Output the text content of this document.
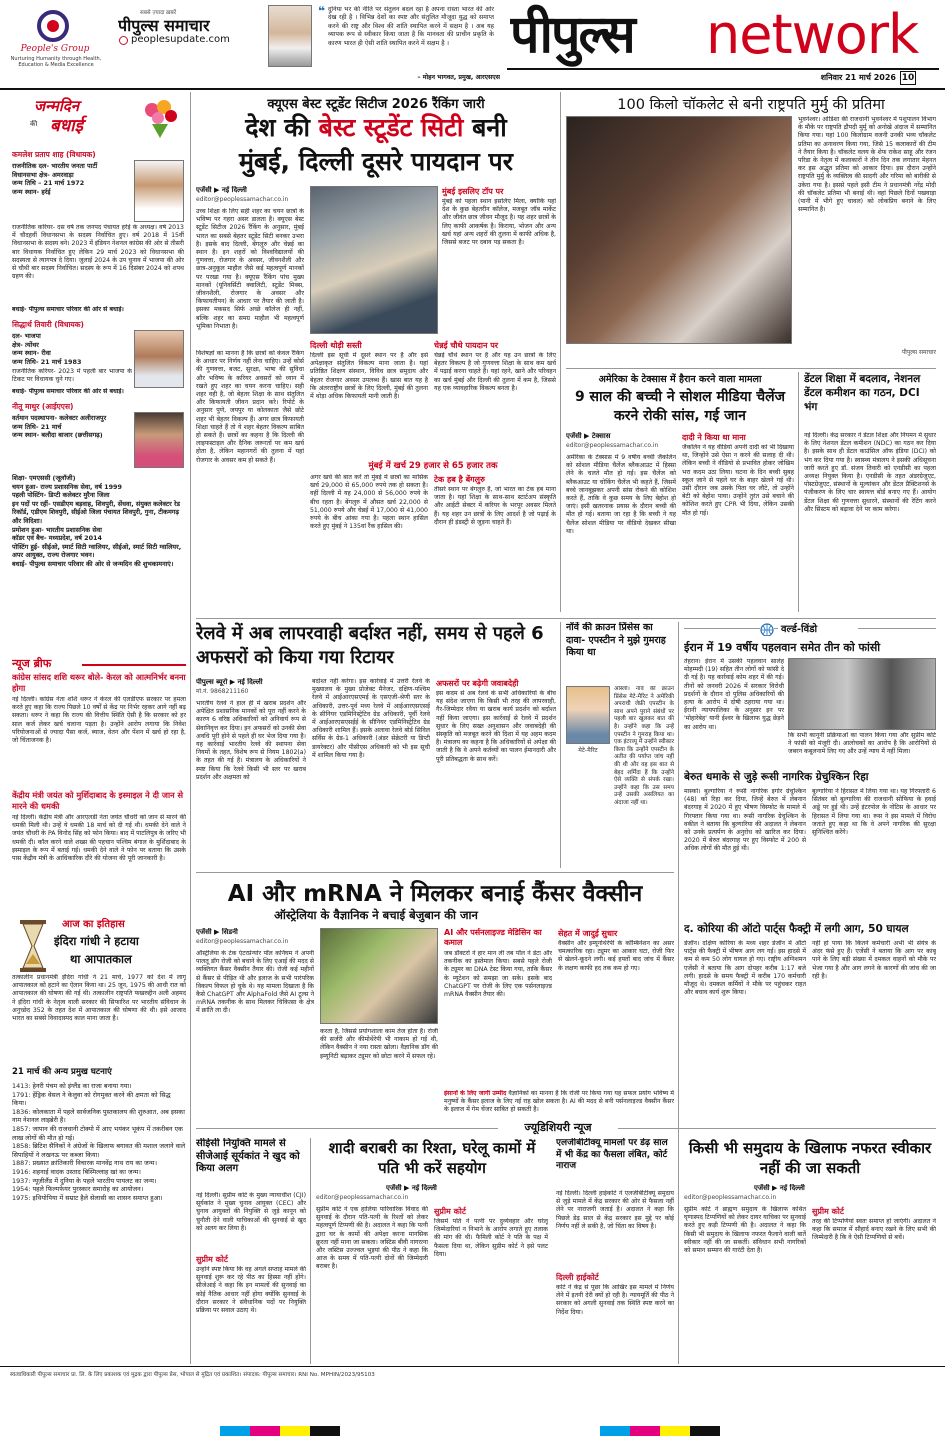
People's Group
Nurturing Humanity through Health, Education & Media Excellence
सबसे ज़्यादा ख़बरें
पीपुल्स समाचार
peoplesupdate.com
❝ दुनिया भर की नीति पर संतुलन बदल रहा है अपना रास्ता भारत की ओर देख रही है । विभिन्न देशों का स्पष्ट और संतुलित मौजूदा युद्ध को समाप्त करने की राष्ट्र और विश्व की शांति स्थापित करने में सक्षम है । अब यह व्यापक रूप से स्वीकार किया जाता है कि मानवता की प्राचीन प्रकृति के कारण भारत ही ऐसी शांति स्थापित करने में सक्षम है ।
– मोहन भागवत, प्रमुख, आरएसएस
पीपुल्स	network
शनिवार 21 मार्च 2026 10
जन्मदिन
की बधाई
कमलेश प्रताप शाह (विधायक)
राजनीतिक दल- भारतीय जनता पार्टी
विधानसभा क्षेत्र- अमरवाड़ा
जन्म तिथि – 21 मार्च 1972
जन्म स्थान- हर्रई
राजनीतिक करियर- दस वर्ष तक जनपद पंचायत हर्रई के अध्यक्ष। वर्ष 2013 में चौदहवीं विधानसभा के सदस्य निर्वाचित हुए। वर्ष 2018 में 15वीं विधानसभा के सदस्य बने। 2023 में इंडियन नेशनल कांग्रेस की ओर से तीसरी बार विधायक निर्वाचित हुए लेकिन 29 मार्च 2023 को विधानसभा की सदस्यता से त्यागपत्र दे दिया। जुलाई 2024 के उप चुनाव में भाजपा की ओर से चौथी बार सदस्य निर्वाचित। सदस्य के रूप में 16 दिसंबर 2024 को शपथ ग्रहण की।
बधाई- पीपुल्स समाचार परिवार की ओर से बधाई।
सिद्धार्थ तिवारी (विधायक)
दल- भाजपा
क्षेत्र- त्योंथर
जन्म स्थान- रीवा
जन्म तिथि- 21 मार्च 1983
राजनीतिक करियर- 2023 में पहली बार भाजपा के टिकट पर विधायक चुने गए।
बधाई- पीपुल्स समाचार परिवार की ओर से बधाई।
नीतू माथुर (आईएएस)
वर्तमान पदस्थापना- कलेक्टर अलीराजपुर
जन्म तिथि- 21 मार्च
जन्म स्थान- बलौदा बाजार (छत्तीसगढ़)
शिक्षा- एमएससी (जूलॉजी)
चयन हुआ- राज्य प्रशासनिक सेवा, वर्ष 1999
पहली पोस्टिंग- डिप्टी कलेक्टर मुरैना जिला
इन पदों पर रहीं- एसडीएम बड़वाह, शिवपुरी, सेंधवा, संयुक्त कलेक्टर रेड रिकॉर्ड, एडीएम शिवपुरी, सीईओ जिला पंचायत शिवपुरी, गुना, टीकमगढ़ और विदिशा।
प्रमोशन हुआ- भारतीय प्रशासनिक सेवा
कॉडर एवं बैच- मध्यप्रदेश, वर्ष 2014
पोस्टिंग हुई- सीईओ, स्मार्ट सिटी ग्वालियर, सीईओ, स्मार्ट सिटी ग्वालियर, अपर आयुक्त, राज्य रोजगार भवन।
बधाई- पीपुल्स समाचार परिवार की ओर से जन्मदिन की शुभकामनाएं।
न्यूज ब्रीफ
कांग्रेस सांसद शशि थरूर बोले- केरल को आत्मनिर्भर बनना होगा
नई दिल्ली। कांग्रेस नेता शशि थरूर ने केरल की एलडीएफ सरकार पर हमला करते हुए कहा कि राज्य पिछले 10 वर्षों से केंद्र पर निर्भर रहकर आगे नहीं बढ़ सकता। थरूर ने कहा कि राज्य की वित्तीय स्थिति ऐसी है कि सरकार को हर साल कर्ज लेकर खर्च चलाना पड़ता है। उन्होंने आरोप लगाया कि निवेश परियोजनाओं से ज्यादा पैसा कर्ज, ब्याज, वेतन और पेंशन में खर्च हो रहा है, जो चिंताजनक है।
केंद्रीय मंत्री जयंत को मुर्शिदाबाद के इस्माइल ने दी जान से मारने की धमकी
नई दिल्ली। केंद्रीय मंत्री और आरएलडी नेता जयंत चौधरी को जान से मारने की धमकी मिली थी। उन्हें ये धमकी 18 मार्च को दी गई थी। धमकी देने वाले ने जयंत चौधरी के PA विनोद सिंह को फोन किया। बाद में पाटलिपुत्र के जरिए भी धमकी दी। कॉल करने वाले शख्स की पहचान पश्चिम बंगाल के मुर्शिदाबाद के इस्माइल के रूप में बताई गई। धमकी देने वाले ने फोन पर बताया कि उसके पास केंद्रीय मंत्री के आधिकारिक दौरे की योजना की पूरी जानकारी है।
आज का इतिहास
इंदिरा गांधी ने हटाया
था आपातकाल
तत्कालीन प्रधानमंत्री इंदिरा गांधी ने 21 मार्च, 1977 को देश में लागू आपातकाल को हटाने का ऐलान किया था। 25 जून, 1975 की आधी रात को आपातकाल की घोषणा की गई थी। तत्कालीन राष्ट्रपति फखरुद्दीन अली अहमद ने इंदिरा गांधी के नेतृत्व वाली सरकार की सिफारिश पर भारतीय संविधान के अनुच्छेद 352 के तहत देश में आपातकाल की घोषणा की थी। इसे आजाद भारत का सबसे विवादास्पद काल माना जाता है।
21 मार्च की अन्य प्रमुख घटनाएं
1413: हेनरी पंचम को इंग्लैंड का राजा बनाया गया।
1791: हेंड्रिक वेसल ने केलुवा को रोगमुक्त करने की क्षमता को सिद्ध किया।
1836: कोलकाता में पहले सार्वजनिक पुस्तकालय की शुरुआत, अब इसका नाम नेशनल लाइब्रेरी है।
1857: जापान की राजधानी टोक्यो में आए भयंकर भूकंप में तकरीबन एक लाख लोगों की मौत हो गई।
1858: ब्रिटिश सैनिकों ने अंग्रेजों के खिलाफ बगावत की मशाल जलाने वाले सिपाहियों ने लखनऊ पर कब्जा किया।
1887: प्रख्यात क्रांतिकारी विचारक मानवेंद्र नाथ राय का जन्म।
1916: शहनाई वादक उस्ताद बिस्मिल्लाह खां का जन्म।
1937: न्यूज़ीलैंड में दुनिया के पहले भारतीय पायलट का जन्म।
1954: पहले फिल्मफेयर पुरस्कार समारोह का आयोजन।
1975: इथियोपिया में सम्राट हैले सेलासी का शासन समाप्त हुआ।
क्यूएस बेस्ट स्टूडेंट सिटीज 2026 रैंकिंग जारी
देश की बेस्ट स्टूडेंट सिटी बनी
मुंबई, दिल्ली दूसरे पायदान पर
एजेंसी ▶ नई दिल्ली
editor@peoplessamachar.co.in
उच्च शिक्षा के लिए सही शहर का चयन छात्रों के भविष्य पर गहरा असर डालता है। क्यूएस बेस्ट स्टूडेंट सिटीज 2026 रैंकिंग के अनुसार, मुंबई भारत का सबसे बेहतर स्टूडेंट सिटी बनकर उभरा है। इसके बाद दिल्ली, बेंगलुरु और चेन्नई का स्थान है। इन शहरों को विश्वविद्यालयों की गुणवत्ता, रोजगार के अवसर, जीवनशैली और छात्र-अनुकूल माहौल जैसे कई महत्वपूर्ण मानकों पर परखा गया है। क्यूएस रैंकिंग पांच मुख्य मानकों (यूनिवर्सिटी क्वालिटी, स्टूडेंट मिक्स, जीवनशैली, रोजगार के अवसर और किफायतीपन) के आधार पर तैयार की जाती है। इसका मकसद सिर्फ अच्छे कॉलेज ही नहीं, बल्कि शहर का समग्र माहौल भी महत्वपूर्ण भूमिका निभाता है।
विशेषज्ञों का मानना है कि छात्रों को केवल रैंकिंग के आधार पर निर्णय नहीं लेना चाहिए। उन्हें कोर्स की गुणवत्ता, बजट, सुरक्षा, भाषा की सुविधा और भविष्य के करियर अवसरों को ध्यान में रखते हुए शहर का चयन करना चाहिए। सही शहर वही है, जो बेहतर शिक्षा के साथ संतुलित और किफायती जीवन प्रदान करे। रिपोर्ट के अनुसार पुणे, जयपुर या कोलकाता जैसे छोटे शहर भी बेहतर विकल्प हैं। अगर छात्र किफायती शिक्षा चाहते हैं तो ये शहर बेहतर विकल्प साबित हो सकते हैं। छात्रों का कहना है कि दिल्ली की लाइफस्टाइल और दैनिक जरूरतों पर कम खर्च होता है, लेकिन महानगरों की तुलना में यहां रोजगार के अवसर कम हो सकते हैं।
मुंबई इसलिए टॉप पर
मुंबई को पहला स्थान इसलिए मिला, क्योंकि यहां देश के कुछ बेहतरीन कॉलेज, मजबूत जॉब मार्केट और जीवंत छात्र जीवन मौजूद है। यह शहर छात्रों के लिए काफी आकर्षक है। किराया, भोजन और अन्य खर्च यहां अन्य शहरों की तुलना में काफी अधिक है, जिससे बजट पर दबाव पड़ सकता है।
दिल्ली थोड़ी सस्ती
दिल्ली इस सूची में दूसरे स्थान पर है और इसे अपेक्षाकृत संतुलित विकल्प माना जाता है। यहां प्रतिष्ठित शिक्षण संस्थान, विविध छात्र समुदाय और बेहतर रोजगार अवसर उपलब्ध हैं। खास बात यह है कि अंतरराष्ट्रीय छात्रों के लिए दिल्ली, मुंबई की तुलना में थोड़ा अधिक किफायती मानी जाती है।
चेन्नई चौथे पायदान पर
चेन्नई चौथे स्थान पर है और यह उन छात्रों के लिए बेहतर विकल्प है जो गुणवत्ता शिक्षा के साथ कम खर्च में पढ़ाई करना चाहते हैं। यहां रहने, खाने और परिवहन का खर्च मुंबई और दिल्ली की तुलना में कम है, जिससे यह एक व्यावहारिक विकल्प बनता है।
मुंबई में खर्च 29 हजार से 65 हजार तक
अगर खर्च की बात करें तो मुंबई में छात्रों का मासिक खर्च 29,000 से 65,000 रुपये तक हो सकता है। वहीं दिल्ली में यह 24,000 से 56,000 रुपये के बीच रहता है। बेंगलुरु में औसत खर्च 22,000 से 51,000 रुपये और चेन्नई में 17,000 से 41,000 रुपये के बीच आंका गया है। पहला स्थान हासिल करते हुए मुंबई ने 135वां रैंक हासिल की।
टेक हब है बेंगलुरु
तीसरे स्थान पर बेंगलुरु है, जो भारत का टेक हब माना जाता है। यहां शिक्षा के साथ-साथ स्टार्टअप संस्कृति और आईटी सेक्टर में करियर के भरपूर अवसर मिलते हैं। यह शहर उन छात्रों के लिए आदर्श है जो पढ़ाई के दौरान ही इंडस्ट्री से जुड़ना चाहते हैं।
100 किलो चॉकलेट से बनी राष्ट्रपति मुर्मु की प्रतिमा
भुवनेश्वर। ओडिशा की राजधानी भुवनेश्वर में पशुपालन विभाग के मौके पर राष्ट्रपति द्रौपदी मुर्मु को अनोखे अंदाज में सम्मानित किया गया। यहां 100 किलोग्राम वजनी उनकी भव्य चॉकलेट प्रतिमा का अनावरण किया गया, जिसे 15 कलाकारों की टीम ने तैयार किया है। चॉकलेट वलय के शेफ राकेश साहू और रंजन परिडा के नेतृत्व में कलाकारों ने तीन दिन तक लगातार मेहनत कर इस अद्भुत प्रतिमा को आकार दिया। इस दौरान उन्होंने राष्ट्रपति मुर्मु के व्यक्तित्व की सादगी और गरिमा को बारीकी से उकेरा गया है। इससे पहले इसी टीम ने प्रधानमंत्री नरेंद्र मोदी की चॉकलेट प्रतिमा भी बनाई थी। वहां पिछले दिनों पखवाड़ा (पानी में भीगे हुए चावल) को लोकप्रिय बनाने के लिए सम्मानित है।
पीपुल्स समाचार
अमेरिका के टेक्सास में हैरान करने वाला मामला
9 साल की बच्ची ने सोशल मीडिया चैलेंज करने रोकी सांस, गई जान
एजेंसी ▶ टेक्सास
editor@peoplessamachar.co.in
अमेरिका के टेक्सास में 9 वर्षीय बच्ची जैकलिन को सोशल मीडिया चैलेंज ब्लैकआउट में हिस्सा लेने के चलते मौत हो गई। इस चैलेंज को ब्लैकआउट या चोकिंग चैलेंज भी कहते हैं, जिसमें बच्चे जानबूझकर अपनी सांस रोकने की कोशिश करते हैं, ताकि वे कुछ समय के लिए बेहोश हो जाएं। इसी खतरनाक प्रयास के दौरान बच्ची की मौत हो गई। बताया जा रहा है कि बच्ची ने यह चैलेंज सोशल मीडिया पर वीडियो देखकर सीखा था।
दादी ने किया था माना
जैकलिन ने यह वीडियो अपनी दादी को भी दिखाया था, जिन्होंने उसे ऐसा न करने की सलाह दी थी। लेकिन बच्ची ने वीडियो से प्रभावित होकर जोखिम भरा कदम उठा लिया। घटना के दिन बच्ची सुबह स्कूल जाने से पहले घर के बाहर खेलने गई थी। उसी दौरान जब उसके पिता घर लौटे, तो उन्होंने बेटी को बेहोश पाया। उन्होंने तुरंत उसे बचाने की कोशिश करते हुए CPR भी दिया, लेकिन उसकी मौत हो गई।
डेंटल शिक्षा में बदलाव, नेशनल डेंटल कमीशन का गठन, DCI भंग
नई दिल्ली। केंद्र सरकार ने डेंटल शिक्षा और नियमन में सुधार के लिए नेशनल डेंटल कमीशन (NDC) का गठन कर दिया है। इसके साथ ही डेंटल काउंसिल ऑफ इंडिया (DCI) को भंग कर दिया गया है। स्वास्थ्य मंत्रालय ने इसकी अधिसूचना जारी करते हुए डॉ. संजय तिवारी को एनडीसी का पहला अध्यक्ष नियुक्त किया है। एनडीसी के तहत अंडरग्रेजुएट, पोस्टग्रेजुएट, संस्थानों के मूल्यांकन और डेंटल प्रैक्टिशनर्स के पंजीकरण के लिए चार स्वायत्त बोर्ड बनाए गए हैं। आयोग डेंटल शिक्षा की गुणवत्ता सुधारने, संस्थानों की रेटिंग करने और सिस्टम को बढ़ावा देने पर काम करेगा।
रेलवे में अब लापरवाही बर्दाश्त नहीं, समय से पहले 6 अफसरों को किया गया रिटायर
पीपुल्स ब्यूरो ▶ नई दिल्ली
मो.नं. 9868211160
भारतीय रेलवे ने हाल ही में खराब प्रदर्शन और अपेक्षित प्रशासनिक मानकों को पूरा नहीं करने के कारण 6 वरिष्ठ अधिकारियों को अनिवार्य रूप से सेवानिवृत्त कर दिया। इन अफसरों को उनकी सेवा अवधि पूरी होने से पहले ही घर भेज दिया गया है। यह कार्रवाई भारतीय रेलवे की स्थापना सेवा नियमों के तहत, विशेष रूप से नियम 1802(a) के तहत की गई है। मंत्रालय के अधिकारियों ने स्पष्ट किया कि रेलवे किसी भी स्तर पर खराब प्रदर्शन और अक्षमता को
बर्दाश्त नहीं करेगा। इस कार्रवाई में उत्तरी रेलवे के मुख्यालय के मुख्य प्रोजेक्ट मैनेजर, दक्षिण-पश्चिम रेलवे में आईआरएसएमई के एसएजी-श्रेणी स्तर के अधिकारी, उत्तर-पूर्व मध्य रेलवे में आईआरएसएसई के सीनियर एडमिनिस्ट्रेटिव ग्रेड अधिकारी, पूर्वी रेलवे में आईआरएसएसईई के सीनियर एडमिनिस्ट्रेटिव ग्रेड अधिकारी शामिल हैं। इसके अलावा रेलवे बोर्ड सिविल सर्विस के ग्रेड-1 अधिकारी (अंडर सेक्रेटरी या डिप्टी डायरेक्टर) और पीसीएस अधिकारी को भी इस सूची में शामिल किया गया है।
अफसरों पर बढ़ेगी जवाबदेही
इस कदम से अब रेलवे के सभी अधिकारियों के बीच यह संदेश जाएगा कि किसी भी तरह की लापरवाही, गैर-जिम्मेदार रवैया या खराब कार्य प्रदर्शन को बर्दाश्त नहीं किया जाएगा। इस कार्रवाई से रेलवे में प्रदर्शन सुधार के लिए सख्त अनुशासन और जवाबदेही की संस्कृति को मजबूत करने की दिशा में यह अहम कदम है। मंत्रालय का कहना है कि अधिकारियों से अपेक्षा की जाती है कि वे अपने कर्तव्यों का पालन ईमानदारी और पूरी प्रतिबद्धता के साथ करें।
नॉर्वे की क्राउन प्रिंसेस का दावा- एपस्टीन ने मुझे गुमराह किया था
मेटे-मैरिट
ओस्लो। नॉर्वे की क्राउन प्रिंसेस मेटे-मैरिट ने अमेरिकी अपराधी जेफ्री एपस्टीन के साथ अपने पुराने संबंधों पर पहली बार खुलकर बात की है। उन्होंने कहा कि उन्हें एपस्टीन ने गुमराह किया था। एक इंटरव्यू में उन्होंने स्वीकार किया कि उन्होंने एपस्टीन के अतीत की पर्याप्त जांच नहीं की थी और वह इस बात से बेहद शर्मिंदा हैं कि उन्होंने ऐसे व्यक्ति से संपर्क रखा। उन्होंने कहा कि उस समय उन्हें उसकी असलियत का अंदाजा नहीं था।
वर्ल्ड-विंडो
ईरान में 19 वर्षीय पहलवान समेत तीन को फांसी
तेहरान। ईरान में उसकी पहलवान सालेह मोहम्मदी (19) सहित तीन लोगों को फांसी दे दी गई है। यह कार्रवाई कोम शहर में की गई। तीनों को जनवरी 2026 में सरकार विरोधी प्रदर्शनों के दौरान दो पुलिस अधिकारियों की हत्या के आरोप में दोषी ठहराया गया था। ईरानी न्यायपालिका के अनुसार इन पर 'मोहारेबेह' यानी ईश्वर के खिलाफ युद्ध छेड़ने का आरोप था।
कि सभी कानूनी प्रक्रियाओं का पालन किया गया और सुप्रीम कोर्ट ने फांसी को मंजूरी दी। आलोचकों का आरोप है कि आरोपियों से जबरन कबूलनामे लिए गए और उन्हें न्याय में नहीं मिला।
बेरुत धमाके से जुड़े रूसी नागरिक ग्रेचुश्किन रिहा
मास्को। बुल्गारिया ने रूसी नागरिक इगोर ग्रेचुश्किन (48) को रिहा कर दिया, जिन्हें बेरुत में लेबनान बंदरगाह में 2020 में हुए भीषण विस्फोट के मामले में गिरफ्तार किया गया था। रूसी नागरिक ग्रेचुश्किन के वकील ने बताया कि बुल्गारिया की अदालत ने लेबनान को उनके प्रत्यर्पण के अनुरोध को खारिज कर दिया। 2020 में बेरुत बंदरगाह पर हुए विस्फोट में 200 से अधिक लोगों की मौत हुई थी।
बुल्गारिया ने हिरासत में लिया गया था। यह गिरफ्तारी 6 सितंबर को बुल्गारिया की राजधानी सोफिया के हवाई अड्डे पर हुई थी। उन्हें इंटरपोल के नोटिस के आधार पर हिरासत में लिया गया था। रूस ने इस मामले में विरोध जताते हुए कहा था कि वे अपने नागरिक की सुरक्षा सुनिश्चित करेंगे।
द. कोरिया की ऑटो पार्ट्स फैक्ट्री में लगी आग, 50 घायल
डेजॉन। दक्षिण कोरिया के मध्य शहर डेजॉन में ऑटो पार्ट्स की फैक्ट्री में भीषण आग लग गई। इस हादसे में कम से कम 50 लोग घायल हो गए। राष्ट्रीय अग्निशमन एजेंसी ने बताया कि आग दोपहर करीब 1:17 बजे लगी। हादसे के समय फैक्ट्री में करीब 170 कर्मचारी मौजूद थे। दमकल कर्मियों ने मौके पर पहुंचकर राहत और बचाव कार्य शुरू किया।
नहीं हो पाया कि कितने कर्मचारी अभी भी संयंत्र के अंदर फंसे हुए हैं। एजेंसी ने बताया कि आग पर काबू पाने के लिए बड़ी संख्या में दमकल वाहनों को मौके पर भेजा गया है और आग लगने के कारणों की जांच की जा रही है।
AI और mRNA ने मिलकर बनाई कैंसर वैक्सीन
ऑस्ट्रेलिया के वैज्ञानिक ने बचाई बेजुबान की जान
एजेंसी ▶ सिडनी
editor@peoplessamachar.co.in
ऑस्ट्रेलिया के टेक एंटरप्रेन्योर पॉल कनिंघम ने अपनी पालतू डॉग रोजी को बचाने के लिए एआई की मदद से व्यक्तिगत कैंसर वैक्सीन तैयार की। रोजी कई महीनों से कैंसर से पीड़ित थी और इलाज के सभी पारंपरिक विकल्प विफल हो चुके थे। यह मामला दिखाता है कि कैसे ChatGPT और AlphaFold जैसे AI टूल्स ने mRNA तकनीक के साथ मिलकर चिकित्सा के क्षेत्र में क्रांति ला दी।
करता है, जिससे प्रयोगशाला काम तेज होता है। रोजी की सर्जरी और कीमोथेरेपी भी नाकाम हो गई थी, लेकिन वैक्सीन ने नया रास्ता खोला। वैज्ञानिक डॉग की इम्यूनिटी बढ़ाकर ट्यूमर को छोटा करने में सफल रहे।
AI और पर्सनलाइज्ड मेडिसिन का कमाल
जब डॉक्टरों ने हार मान ली तब पॉल ने डेटा और तकनीक का इस्तेमाल किया। सबसे पहले रोजी के ट्यूमर का DNA टेस्ट किया गया, ताकि कैंसर के म्यूटेशन को समझा जा सके। इसके बाद ChatGPT पर रोजी के लिए एक पर्सनलाइज्ड mRNA वैक्सीन तैयार की।
सेहत में जादुई सुधार
वैक्सीन और इम्यूनोथेरेपी के कॉम्बिनेशन का असर चमत्कारिक रहा। ट्यूमर का आकार घटा, रोजी फिर से खेलने-कूदने लगी। कई हफ्तों बाद जांच में कैंसर के लक्षण काफी हद तक कम हो गए।
इंसानों के लिए जागी उम्मीद वैज्ञानिकों का मानना है कि रोजी पर किया गया यह सफल प्रयोग भविष्य में मनुष्यों के कैंसर इलाज के लिए नई राह खोल सकता है। AI की मदद से बनी पर्सनलाइज्ड वैक्सीन कैंसर के इलाज में गेम चेंजर साबित हो सकती है।
ज्यूडिशियरी न्यूज
सीईसी नियुक्ति मामले से सीजेआई सूर्यकांत ने खुद को किया अलग
नई दिल्ली। सुप्रीम कोर्ट के मुख्य न्यायाधीश (CJI) सूर्यकांत ने मुख्य चुनाव आयुक्त (CEC) और चुनाव आयुक्तों की नियुक्ति से जुड़े कानून को चुनौती देने वाली याचिकाओं की सुनवाई से खुद को अलग कर लिया है।
सुप्रीम कोर्ट
उन्होंने स्पष्ट किया कि वह अगले सप्ताह मामले की सुनवाई शुरू कर रहे पीठ का हिस्सा नहीं होंगे। सीजेआई ने कहा कि इन मामलों की सुनवाई का कोई नैतिक आधार नहीं होगा क्योंकि सुनवाई के दौरान सरकार ने संवैधानिक पदों पर नियुक्ति प्रक्रिया पर सवाल उठाए थे।
शादी बराबरी का रिश्ता, घरेलू कामों में पति भी करें सहयोग
एजेंसी ▶ नई दिल्ली
editor@peoplessamachar.co.in
सुप्रीम कोर्ट ने एक हालिया पारिवारिक विवाद की सुनवाई के दौरान पति-पत्नी के रिश्तों को लेकर महत्वपूर्ण टिप्पणी की है। अदालत ने कहा कि पत्नी द्वारा घर के कामों की अपेक्षा करना मानसिक क्रूरता नहीं माना जा सकता। जस्टिस बीवी नागरत्ना और जस्टिस उज्ज्वल भुइयां की पीठ ने कहा कि आज के समय में पति-पत्नी दोनों की जिम्मेदारी बराबर है।
सुप्रीम कोर्ट
जिसमें पति ने पत्नी पर दुर्व्यवहार और घरेलू जिम्मेदारियां न निभाने के आरोप लगाते हुए तलाक की मांग की थी। फैमिली कोर्ट ने पति के पक्ष में फैसला दिया था, लेकिन सुप्रीम कोर्ट ने इसे पलट दिया।
एलजीबीटीक्यू मामलों पर डेढ़ साल में भी केंद्र का फैसला लंबित, कोर्ट नाराज
नई दिल्ली। दिल्ली हाईकोर्ट ने एलजीबीटीक्यू समुदाय से जुड़े मामले में केंद्र सरकार की ओर से फैसला नहीं लेने पर नाराजगी जताई है। अदालत ने कहा कि पिछले डेढ़ साल से केंद्र सरकार इस मुद्दे पर कोई निर्णय नहीं ले सकी है, जो चिंता का विषय है।
दिल्ली हाईकोर्ट
कोर्ट ने केंद्र से पूछा कि आखिर इस मामले में निर्णय लेने में इतनी देरी क्यों हो रही है। न्यायमूर्ति की पीठ ने सरकार को अगली सुनवाई तक स्थिति स्पष्ट करने का निर्देश दिया।
किसी भी समुदाय के खिलाफ नफरत स्वीकार नहीं की जा सकती
एजेंसी ▶ नई दिल्ली
editor@peoplessamachar.co.in
सुप्रीम कोर्ट ने ब्राह्मण समुदाय के खिलाफ कथित घृणास्पद टिप्पणियों को लेकर दायर याचिका पर सुनवाई करते हुए कड़ी टिप्पणी की है। अदालत ने कहा कि किसी भी समुदाय के खिलाफ नफरत फैलाने वाली बातें स्वीकार नहीं की जा सकतीं। संविधान सभी नागरिकों को समान सम्मान की गारंटी देता है।
सुप्रीम कोर्ट
तरह की टिप्पणियां स्वतः समाप्त हो जाएंगी। अदालत ने कहा कि समाज में सौहार्द बनाए रखने के लिए सभी की जिम्मेदारी है कि वे ऐसी टिप्पणियों से बचें।
स्वत्वाधिकारी पीपुल्स समाचार प्रा. लि. के लिए प्रकाशक एवं मुद्रक द्वारा पीपुल्स प्रेस, भोपाल से मुद्रित एवं प्रकाशित। संपादक: पीपुल्स समाचार। RNI No. MPHIN/2023/95103
